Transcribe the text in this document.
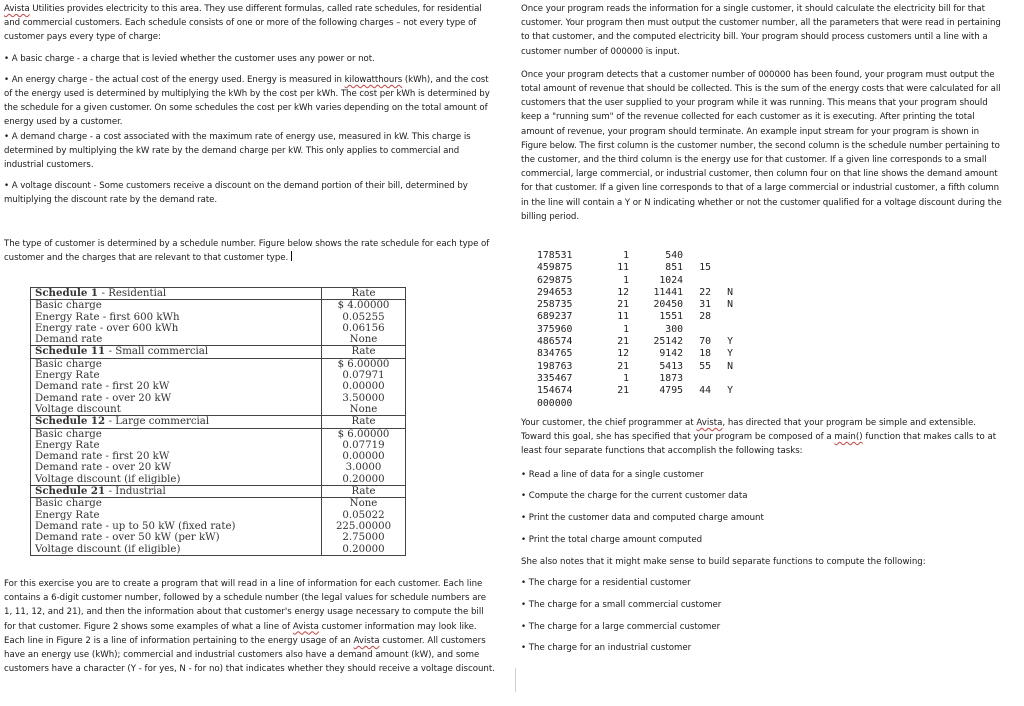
Avista Utilities provides electricity to this area. They use different formulas, called rate schedules, for residential and commercial customers. Each schedule consists of one or more of the following charges – not every type of customer pays every type of charge:

• A basic charge - a charge that is levied whether the customer uses any power or not.

• An energy charge - the actual cost of the energy used. Energy is measured in kilowatthours (kWh), and the cost of the energy used is determined by multiplying the kWh by the cost per kWh. The cost per kWh is determined by the schedule for a given customer. On some schedules the cost per kWh varies depending on the total amount of energy used by a customer.

• A demand charge - a cost associated with the maximum rate of energy use, measured in kW. This charge is determined by multiplying the kW rate by the demand charge per kW. This only applies to commercial and industrial customers.

• A voltage discount - Some customers receive a discount on the demand portion of their bill, determined by multiplying the discount rate by the demand rate.

The type of customer is determined by a schedule number. Figure below shows the rate schedule for each type of customer and the charges that are relevant to that customer type.

Schedule 1 - Residential	Rate
Basic charge	$ 4.00000
Energy Rate - first 600 kWh	0.05255
Energy rate - over 600 kWh	0.06156
Demand rate	None
Schedule 11 - Small commercial	Rate
Basic charge	$ 6.00000
Energy Rate	0.07971
Demand rate - first 20 kW	0.00000
Demand rate - over 20 kW	3.50000
Voltage discount	None
Schedule 12 - Large commercial	Rate
Basic charge	$ 6.00000
Energy Rate	0.07719
Demand rate - first 20 kW	0.00000
Demand rate - over 20 kW	3.0000
Voltage discount (if eligible)	0.20000
Schedule 21 - Industrial	Rate
Basic charge	None
Energy Rate	0.05022
Demand rate - up to 50 kW (fixed rate)	225.00000
Demand rate - over 50 kW (per kW)	2.75000
Voltage discount (if eligible)	0.20000

For this exercise you are to create a program that will read in a line of information for each customer. Each line contains a 6-digit customer number, followed by a schedule number (the legal values for schedule numbers are 1, 11, 12, and 21), and then the information about that customer's energy usage necessary to compute the bill for that customer. Figure 2 shows some examples of what a line of Avista customer information may look like. Each line in Figure 2 is a line of information pertaining to the energy usage of an Avista customer. All customers have an energy use (kWh); commercial and industrial customers also have a demand amount (kW), and some customers have a character (Y - for yes, N - for no) that indicates whether they should receive a voltage discount.

Once your program reads the information for a single customer, it should calculate the electricity bill for that customer. Your program then must output the customer number, all the parameters that were read in pertaining to that customer, and the computed electricity bill. Your program should process customers until a line with a customer number of 000000 is input.

Once your program detects that a customer number of 000000 has been found, your program must output the total amount of revenue that should be collected. This is the sum of the energy costs that were calculated for all customers that the user supplied to your program while it was running. This means that your program should keep a "running sum" of the revenue collected for each customer as it is executing. After printing the total amount of revenue, your program should terminate. An example input stream for your program is shown in Figure below. The first column is the customer number, the second column is the schedule number pertaining to the customer, and the third column is the energy use for that customer. If a given line corresponds to a small commercial, large commercial, or industrial customer, then column four on that line shows the demand amount for that customer. If a given line corresponds to that of a large commercial or industrial customer, a fifth column in the line will contain a Y or N indicating whether or not the customer qualified for a voltage discount during the billing period.

178531	1	540
459875	11	851	15
629875	1	1024
294653	12	11441	22	N
258735	21	20450	31	N
689237	11	1551	28
375960	1	300
486574	21	25142	70	Y
834765	12	9142	18	Y
198763	21	5413	55	N
335467	1	1873
154674	21	4795	44	Y
000000

Your customer, the chief programmer at Avista, has directed that your program be simple and extensible. Toward this goal, she has specified that your program be composed of a main() function that makes calls to at least four separate functions that accomplish the following tasks:

• Read a line of data for a single customer

• Compute the charge for the current customer data

• Print the customer data and computed charge amount

• Print the total charge amount computed

She also notes that it might make sense to build separate functions to compute the following:

• The charge for a residential customer

• The charge for a small commercial customer

• The charge for a large commercial customer

• The charge for an industrial customer
